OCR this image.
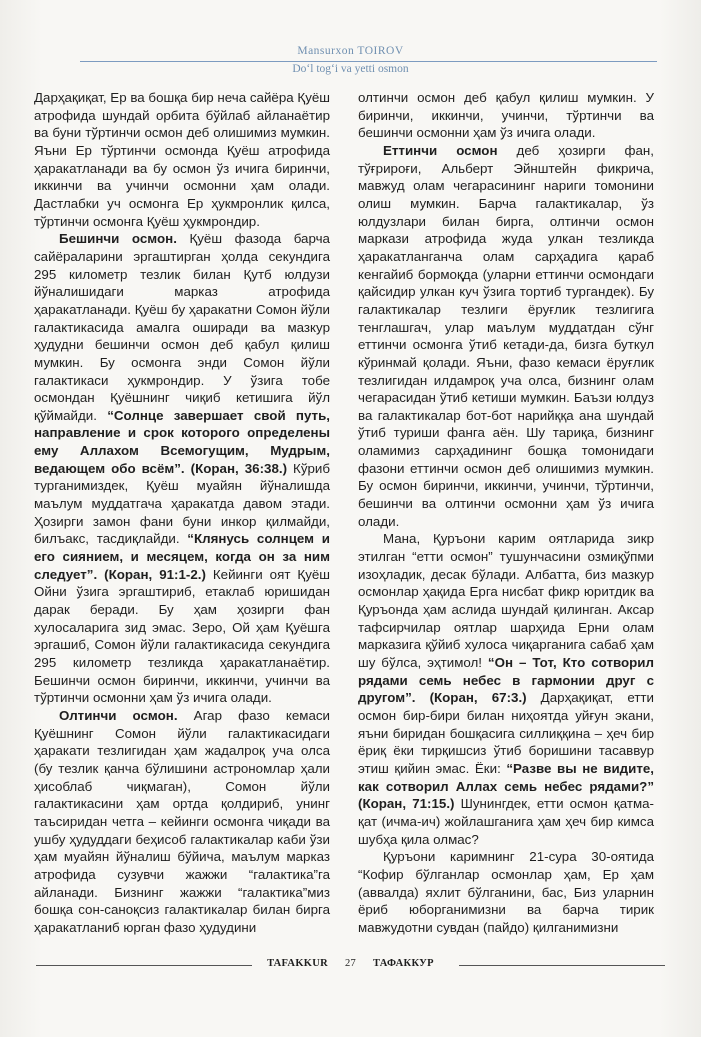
Mansurxon TOIROV
Do‘l tog‘i va yetti osmon

Дарҳақиқат, Ер ва бошқа бир неча сайёра Қуёш атрофида шундай орбита бўйлаб айланаётир ва буни тўртинчи осмон деб олишимиз мумкин. Яъни Ер тўртинчи осмонда Қуёш атрофида ҳаракатланади ва бу осмон ўз ичига биринчи, иккинчи ва учинчи осмонни ҳам олади. Дастлабки уч осмонга Ер ҳукмронлик қилса, тўртинчи осмонга Қуёш ҳукмрондир.

Бешинчи осмон. Қуёш фазода барча сайёраларини эргаштирган ҳолда секундига 295 километр тезлик билан Қутб юлдузи йўналишидаги марказ атрофида ҳаракатланади. Қуёш бу ҳаракатни Сомон йўли галактикасида амалга оширади ва мазкур ҳудудни бешинчи осмон деб қабул қилиш мумкин. Бу осмонга энди Сомон йўли галактикаси ҳукмрондир. У ўзига тобе осмондан Қуёшнинг чиқиб кетишига йўл қўймайди. “Солнце завершает свой путь, направление и срок которого определены ему Аллахом Всемогущим, Мудрым, ведающем обо всём”. (Коран, 36:38.) Кўриб турганимиздек, Қуёш муайян йўналишда маълум муддатгача ҳаракатда давом этади. Ҳозирги замон фани буни инкор қилмайди, билъакс, тасдиқлайди. “Клянусь солнцем и его сиянием, и месяцем, когда он за ним следует”. (Коран, 91:1-2.) Кейинги оят Қуёш Ойни ўзига эргаштириб, етаклаб юришидан дарак беради. Бу ҳам ҳозирги фан хулосаларига зид эмас. Зеро, Ой ҳам Қуёшга эргашиб, Сомон йўли галактикасида секундига 295 километр тезликда ҳаракатланаётир. Бешинчи осмон биринчи, иккинчи, учинчи ва тўртинчи осмонни ҳам ўз ичига олади.

Олтинчи осмон. Агар фазо кемаси Қуёшнинг Сомон йўли галактикасидаги ҳаракати тезлигидан ҳам жадалроқ уча олса (бу тезлик қанча бўлишини астрономлар ҳали ҳисоблаб чиқмаган), Сомон йўли галактикасини ҳам ортда қолдириб, унинг таъсиридан четга – кейинги осмонга чиқади ва ушбу ҳудуддаги беҳисоб галактикалар каби ўзи ҳам муайян йўналиш бўйича, маълум марказ атрофида сузувчи жажжи “галактика”га айланади. Бизнинг жажжи “галактика”миз бошқа сон-саноқсиз галактикалар билан бирга ҳаракатланиб юрган фазо ҳудудини

олтинчи осмон деб қабул қилиш мумкин. У биринчи, иккинчи, учинчи, тўртинчи ва бешинчи осмонни ҳам ўз ичига олади.

Еттинчи осмон деб ҳозирги фан, тўғрироғи, Альберт Эйнштейн фикрича, мавжуд олам чегарасининг нариги томонини олиш мумкин. Барча галактикалар, ўз юлдузлари билан бирга, олтинчи осмон маркази атрофида жуда улкан тезликда ҳаракатланганча олам сарҳадига қараб кенгайиб бормоқда (уларни еттинчи осмондаги қайсидир улкан куч ўзига тортиб тургандек). Бу галактикалар тезлиги ёруғлик тезлигига тенглашгач, улар маълум муддатдан сўнг еттинчи осмонга ўтиб кетади-да, бизга буткул кўринмай қолади. Яъни, фазо кемаси ёруғлик тезлигидан илдамроқ уча олса, бизнинг олам чегарасидан ўтиб кетиши мумкин. Баъзи юлдуз ва галактикалар бот-бот нарийққа ана шундай ўтиб туриши фанга аён. Шу тариқа, бизнинг оламимиз сарҳадининг бошқа томонидаги фазони еттинчи осмон деб олишимиз мумкин. Бу осмон биринчи, иккинчи, учинчи, тўртинчи, бешинчи ва олтинчи осмонни ҳам ўз ичига олади.

Мана, Қуръони карим оятларида зикр этилган “етти осмон” тушунчасини озмиқўпми изоҳладик, десак бўлади. Албатта, биз мазкур осмонлар ҳақида Ерга нисбат фикр юритдик ва Қуръонда ҳам аслида шундай қилинган. Аксар тафсирчилар оятлар шарҳида Ерни олам марказига қўйиб хулоса чиқарганига сабаб ҳам шу бўлса, эҳтимол! “Он – Тот, Кто сотворил рядами семь небес в гармонии друг с другом”. (Коран, 67:3.) Дарҳақиқат, етти осмон бир-бири билан ниҳоятда уйғун экани, яъни биридан бошқасига силлиққина – ҳеч бир ёриқ ёки тирқишсиз ўтиб боришини тасаввур этиш қийин эмас. Ёки: “Разве вы не видите, как сотворил Аллах семь небес рядами?” (Коран, 71:15.) Шунингдек, етти осмон қатма-қат (ичма-ич) жойлашганига ҳам ҳеч бир кимса шубҳа қила олмас?

Қуръони каримнинг 21-сура 30-оятида “Кофир бўлганлар осмонлар ҳам, Ер ҳам (аввалда) яхлит бўлганини, бас, Биз уларнин ёриб юборганимизни ва барча тирик мавжудотни сувдан (пайдо) қилганимизни

TAFAKKUR 27 ТАФАККУР
